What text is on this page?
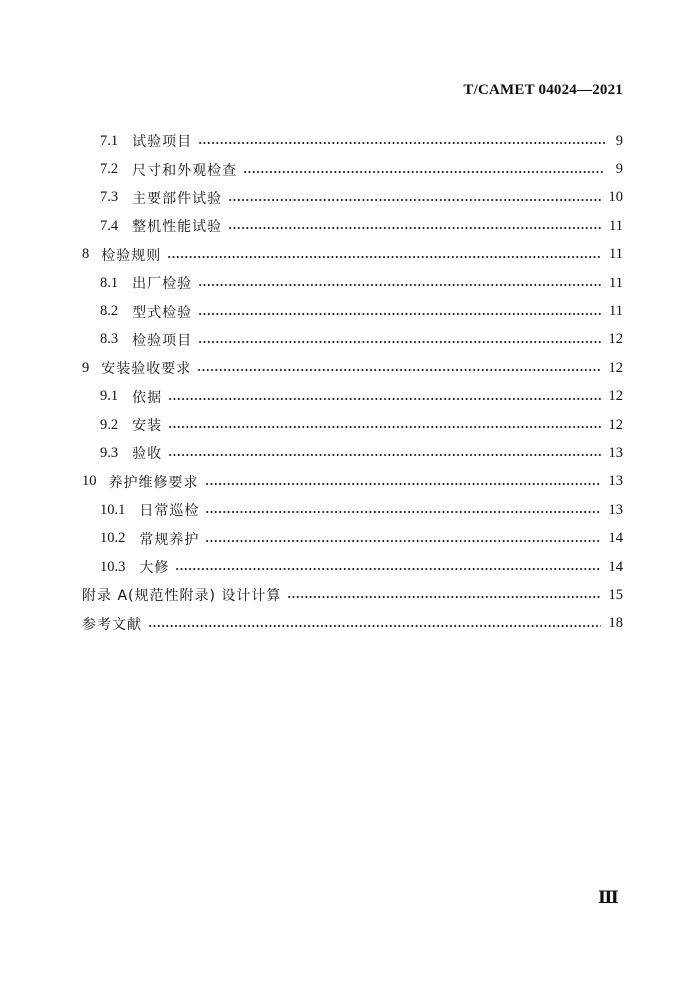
T/CAMET 04024—2021
7.1 试验项目	9
7.2 尺寸和外观检查	9
7.3 主要部件试验	10
7.4 整机性能试验	11
8 检验规则	11
8.1 出厂检验	11
8.2 型式检验	11
8.3 检验项目	12
9 安装验收要求	12
9.1 依据	12
9.2 安装	12
9.3 验收	13
10 养护维修要求	13
10.1 日常巡检	13
10.2 常规养护	14
10.3 大修	14
附录 A(规范性附录) 设计计算	15
参考文献	18
Ⅲ
